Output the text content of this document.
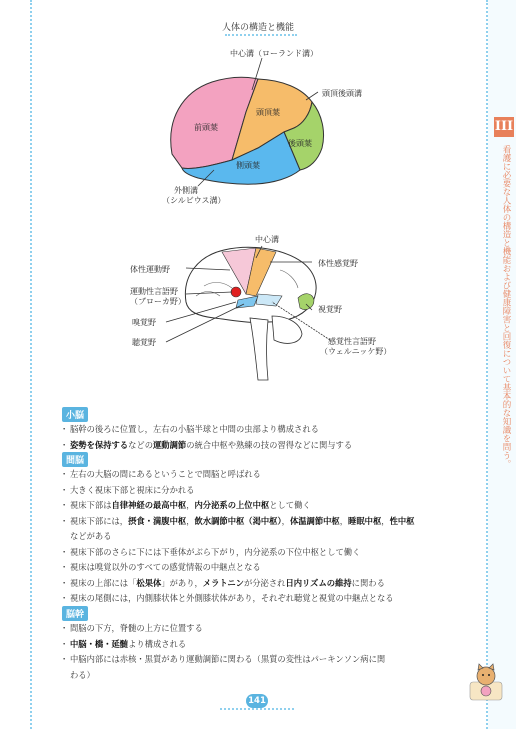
人体の構造と機能
III
看護に必要な人体の構造と機能および健康障害と回復について基本的な知識を問う。
中心溝（ローランド溝）
頭頂後頭溝
前頭葉
頭頂葉
後頭葉
側頭葉
外側溝
（シルビウス溝）
中心溝
体性運動野
体性感覚野
運動性言語野
（ブローカ野）
視覚野
嗅覚野
聴覚野	感覚性言語野
（ウェルニッケ野）
小脳
・ 脳幹の後ろに位置し，左右の小脳半球と中間の虫部より構成される
・ 姿勢を保持するなどの運動調節の統合中枢や熟練の技の習得などに関与する
間脳
・ 左右の大脳の間にあるということで間脳と呼ばれる
・ 大きく視床下部と視床に分かれる
・ 視床下部は自律神経の最高中枢，内分泌系の上位中枢として働く
・ 視床下部には，摂食・満腹中枢，飲水調節中枢（渇中枢），体温調節中枢，睡眠中枢，性中枢
などがある
・ 視床下部のさらに下には下垂体がぶら下がり，内分泌系の下位中枢として働く
・ 視床は嗅覚以外のすべての感覚情報の中継点となる
・ 視床の上部には「松果体」があり，メラトニンが分泌され日内リズムの維持に関わる
・ 視床の尾側には，内側膝状体と外側膝状体があり，それぞれ聴覚と視覚の中継点となる
脳幹
・ 間脳の下方，脊髄の上方に位置する
・ 中脳・橋・延髄より構成される
・ 中脳内部には赤核・黒質があり運動調節に関わる（黒質の変性はパーキンソン病に関
わる）
141
